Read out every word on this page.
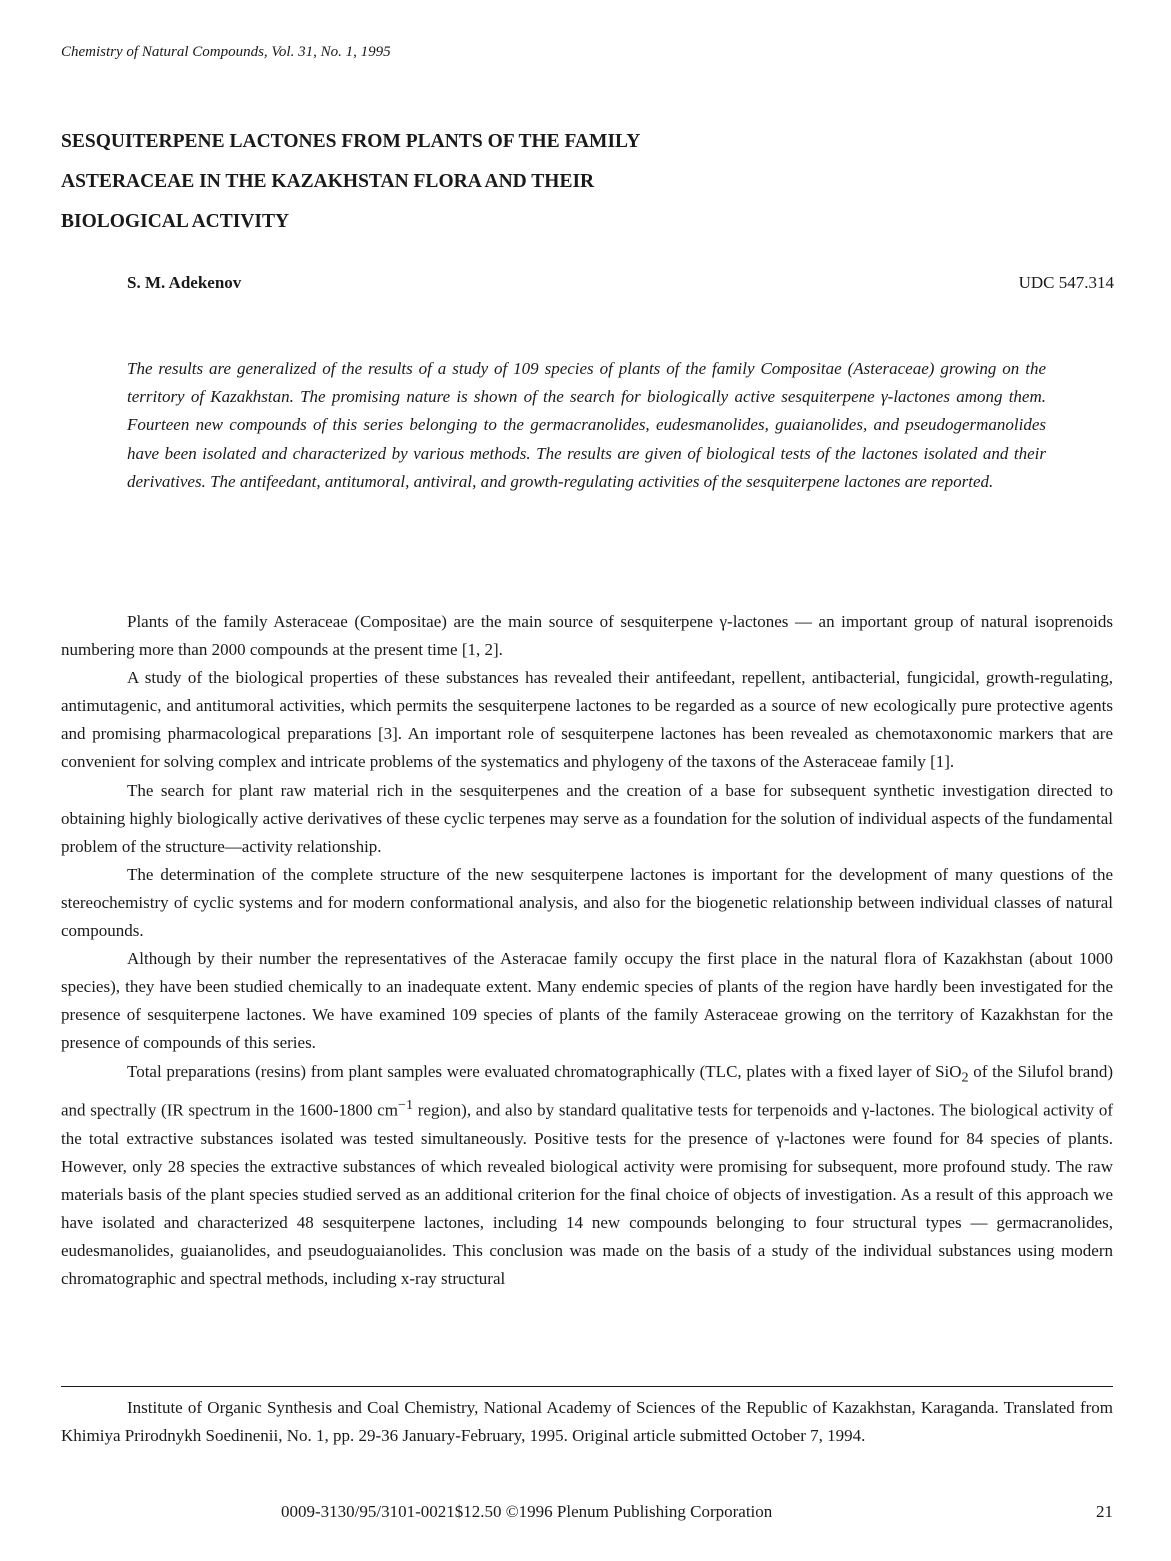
Chemistry of Natural Compounds, Vol. 31, No. 1, 1995
SESQUITERPENE LACTONES FROM PLANTS OF THE FAMILY
ASTERACEAE IN THE KAZAKHSTAN FLORA AND THEIR
BIOLOGICAL ACTIVITY
S. M. Adekenov	UDC 547.314

The results are generalized of the results of a study of 109 species of plants of the family Compositae (Asteraceae) growing on the territory of Kazakhstan. The promising nature is shown of the search for biologically active sesquiterpene γ-lactones among them. Fourteen new compounds of this series belonging to the germacranolides, eudesmanolides, guaianolides, and pseudogermanolides have been isolated and characterized by various methods. The results are given of biological tests of the lactones isolated and their derivatives. The antifeedant, antitumoral, antiviral, and growth-regulating activities of the sesquiterpene lactones are reported.

Plants of the family Asteraceae (Compositae) are the main source of sesquiterpene γ-lactones — an important group of natural isoprenoids numbering more than 2000 compounds at the present time [1, 2].

A study of the biological properties of these substances has revealed their antifeedant, repellent, antibacterial, fungicidal, growth-regulating, antimutagenic, and antitumoral activities, which permits the sesquiterpene lactones to be regarded as a source of new ecologically pure protective agents and promising pharmacological preparations [3]. An important role of sesquiterpene lactones has been revealed as chemotaxonomic markers that are convenient for solving complex and intricate problems of the systematics and phylogeny of the taxons of the Asteraceae family [1].

The search for plant raw material rich in the sesquiterpenes and the creation of a base for subsequent synthetic investigation directed to obtaining highly biologically active derivatives of these cyclic terpenes may serve as a foundation for the solution of individual aspects of the fundamental problem of the structure—activity relationship.

The determination of the complete structure of the new sesquiterpene lactones is important for the development of many questions of the stereochemistry of cyclic systems and for modern conformational analysis, and also for the biogenetic relationship between individual classes of natural compounds.

Although by their number the representatives of the Asteracae family occupy the first place in the natural flora of Kazakhstan (about 1000 species), they have been studied chemically to an inadequate extent. Many endemic species of plants of the region have hardly been investigated for the presence of sesquiterpene lactones. We have examined 109 species of plants of the family Asteraceae growing on the territory of Kazakhstan for the presence of compounds of this series.

Total preparations (resins) from plant samples were evaluated chromatographically (TLC, plates with a fixed layer of SiO$_2$ of the Silufol brand) and spectrally (IR spectrum in the 1600-1800 $cm^{-1}$ region), and also by standard qualitative tests for terpenoids and γ-lactones. The biological activity of the total extractive substances isolated was tested simultaneously. Positive tests for the presence of γ-lactones were found for 84 species of plants. However, only 28 species the extractive substances of which revealed biological activity were promising for subsequent, more profound study. The raw materials basis of the plant species studied served as an additional criterion for the final choice of objects of investigation. As a result of this approach we have isolated and characterized 48 sesquiterpene lactones, including 14 new compounds belonging to four structural types — germacranolides, eudesmanolides, guaianolides, and pseudoguaianolides. This conclusion was made on the basis of a study of the individual substances using modern chromatographic and spectral methods, including x-ray structural

Institute of Organic Synthesis and Coal Chemistry, National Academy of Sciences of the Republic of Kazakhstan, Karaganda. Translated from Khimiya Prirodnykh Soedinenii, No. 1, pp. 29-36 January-February, 1995. Original article submitted October 7, 1994.

0009-3130/95/3101-0021$12.50 ©1996 Plenum Publishing Corporation	21
